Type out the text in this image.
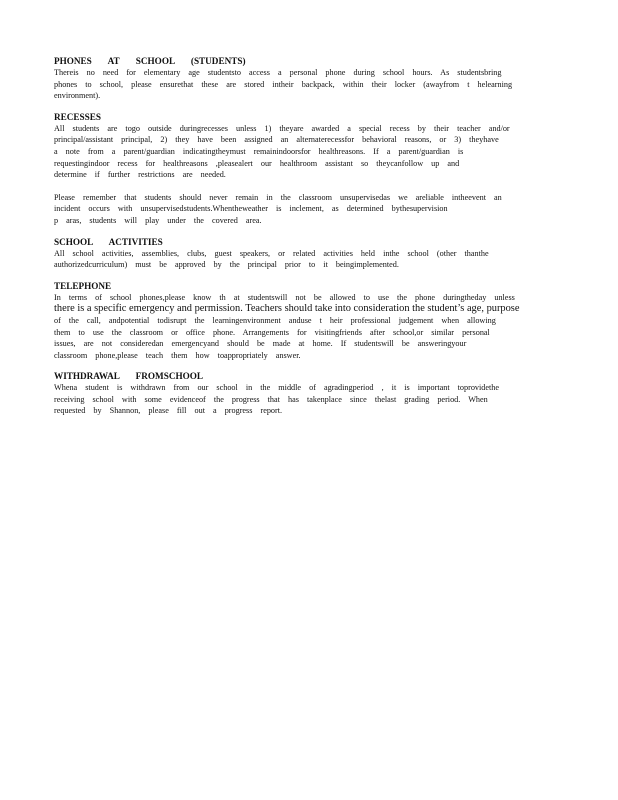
PHONES AT SCHOOL (STUDENTS)
Thereis no need for elementary age studentsto access a personal phone during school hours. As studentsbring
phones to school, please ensurethat these are stored intheir backpack, within their locker (awayfrom t helearning
environment).
RECESSES
All students are togo outside duringrecesses unless 1) theyare awarded a special recess by their teacher and/or
principal/assistant principal, 2) they have been assigned an alternaterecessfor behavioral reasons, or 3) theyhave
a note from a parent/guardian indicatingtheymust remainindoorsfor healthreasons. If a parent/guardian is
requestingindoor recess for healthreasons ,pleasealert our healthroom assistant so theycanfollow up and
determine if further restrictions are needed.
Please remember that students should never remain in the classroom unsupervisedas we areliable intheevent an
incident occurs with unsupervisedstudents.Whentheweather is inclement, as determined bythesupervision
p aras, students will play under the covered area.
SCHOOL ACTIVITIES
All school activities, assemblies, clubs, guest speakers, or related activities held inthe school (other thanthe
authorizedcurriculum) must be approved by the principal prior to it beingimplemented.
TELEPHONE
In terms of school phones,please know th at studentswill not be allowed to use the phone duringtheday unless
there is a specific emergency and permission. Teachers should take into consideration the student’s age, purpose
of the call, andpotential todisrupt the learningenvironment anduse t heir professional judgement when allowing
them to use the classroom or office phone. Arrangements for visitingfriends after school,or similar personal
issues, are not consideredan emergencyand should be made at home. If studentswill be answeringyour
classroom phone,please teach them how toappropriately answer.
WITHDRAWAL FROMSCHOOL
Whena student is withdrawn from our school in the middle of agradingperiod , it is important toprovidethe
receiving school with some evidenceof the progress that has takenplace since thelast grading period. When
requested by Shannon, please fill out a progress report.
